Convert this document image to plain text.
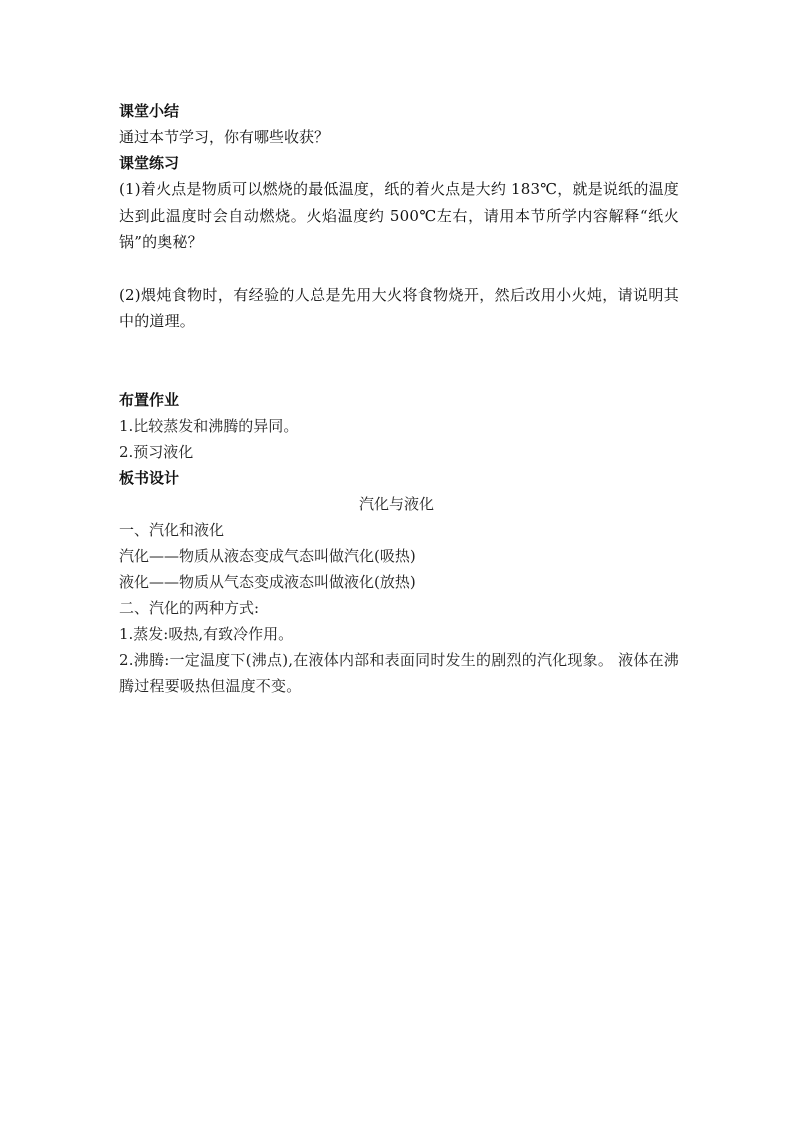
课堂小结
通过本节学习，你有哪些收获？
课堂练习
(1)着火点是物质可以燃烧的最低温度，纸的着火点是大约 183℃，就是说纸的温度达到此温度时会自动燃烧。火焰温度约 500℃左右，请用本节所学内容解释“纸火锅”的奥秘？
(2)煨炖食物时，有经验的人总是先用大火将食物烧开，然后改用小火炖，请说明其中的道理。
布置作业
1.比较蒸发和沸腾的异同。
2.预习液化
板书设计
汽化与液化
一、汽化和液化
汽化——物质从液态变成气态叫做汽化(吸热)
液化——物质从气态变成液态叫做液化(放热)
二、汽化的两种方式:
1.蒸发:吸热,有致冷作用。
2.沸腾:一定温度下(沸点),在液体内部和表面同时发生的剧烈的汽化现象。 液体在沸腾过程要吸热但温度不变。
